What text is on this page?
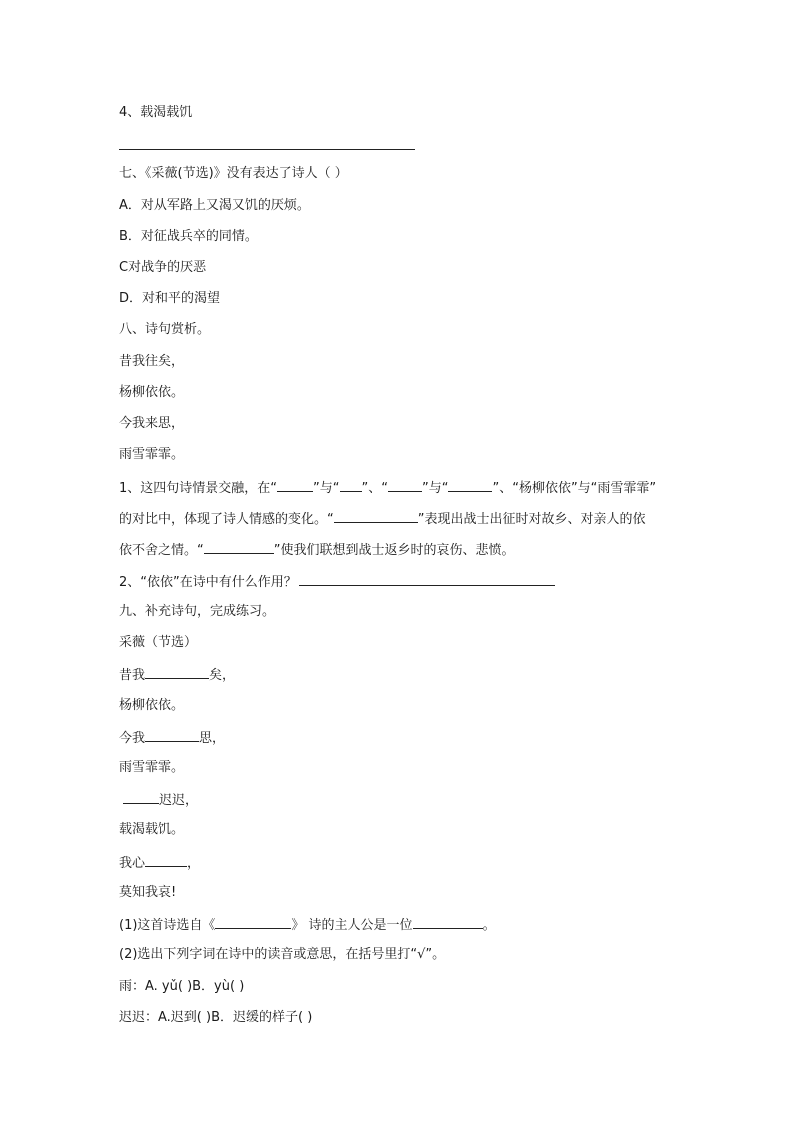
4、载渴载饥
七、《采薇(节选)》没有表达了诗人（ ）
A．对从军路上又渴又饥的厌烦。
B．对征战兵卒的同情。
C对战争的厌恶
D．对和平的渴望
八、诗句赏析。
昔我往矣，
杨柳依依。
今我来思，
雨雪霏霏。
1、这四句诗情景交融，在“	”与“ ”、“	”与“	”、“杨柳依依”与“雨雪霏霏”
的对比中，体现了诗人情感的变化。“	”表现出战士出征时对故乡、对亲人的依
依不舍之情。“	”使我们联想到战士返乡时的哀伤、悲愤。
2、“依依”在诗中有什么作用？
九、补充诗句，完成练习。
采薇（节选）
昔我	矣，
杨柳依依。
今我	思，
雨雪霏霏。
迟迟，
载渴载饥。
我心	，
莫知我哀!
(1)这首诗选自《	》 诗的主人公是一位	。
(2)选出下列字词在诗中的读音或意思，在括号里打“√”。
雨：A. yǔ( )B．yù( )
迟迟：A.迟到( )B．迟缓的样子( )
